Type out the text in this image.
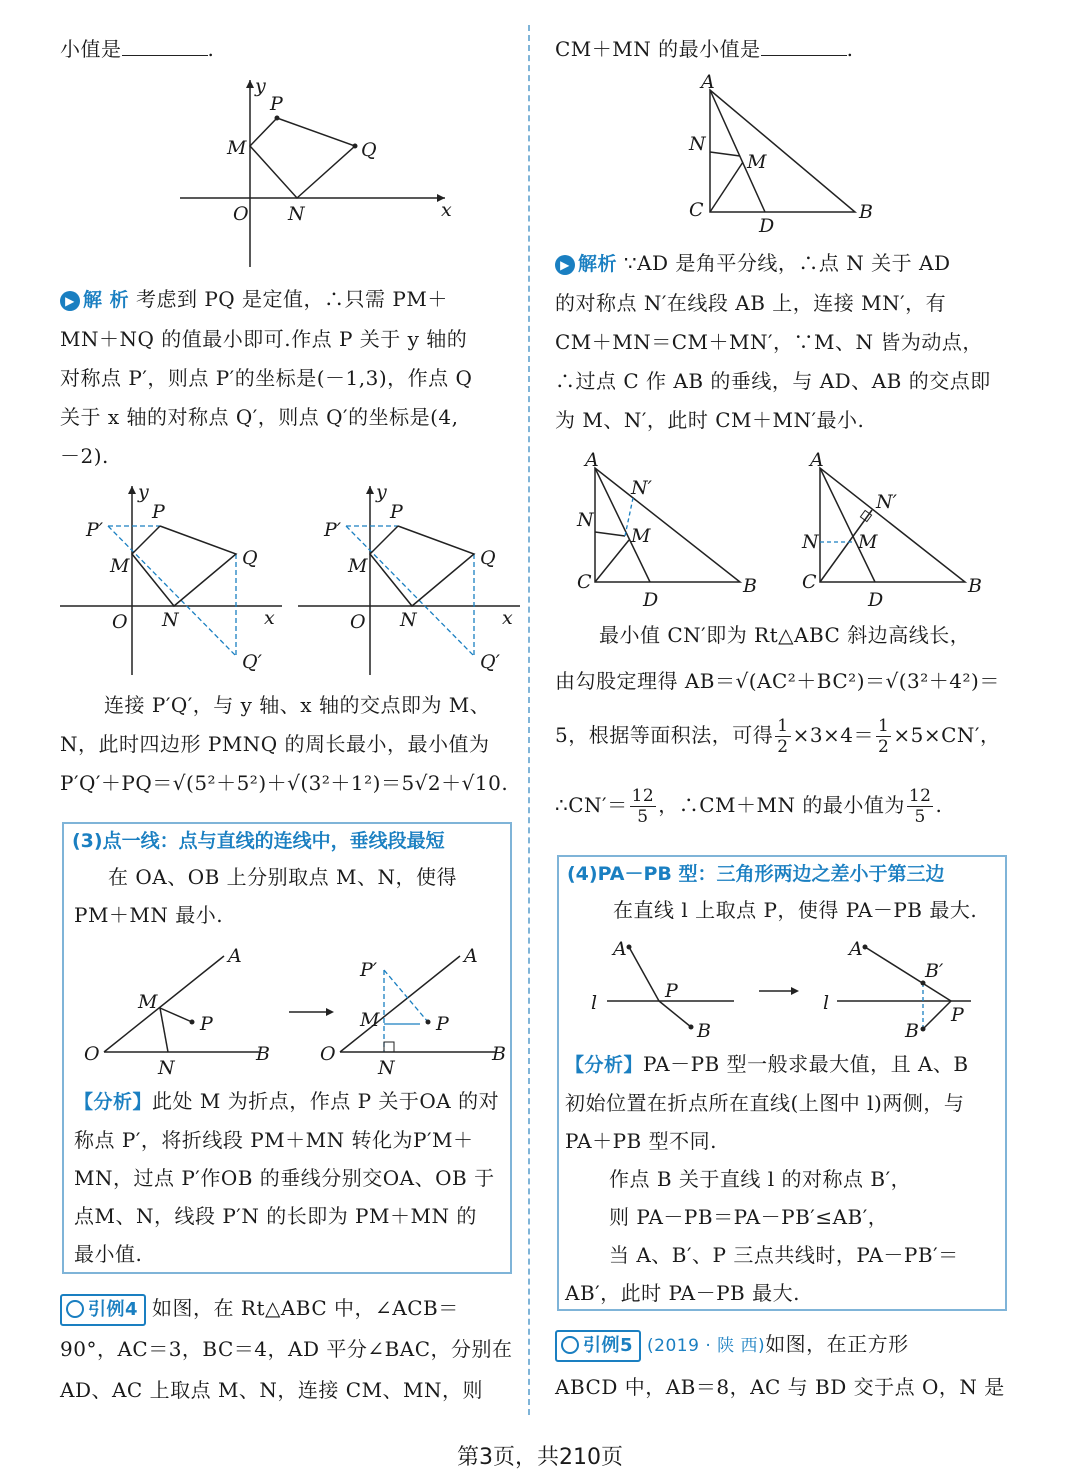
小值是	.
y
P
M	Q
O N	x
▶ 解 析 考虑到 PQ 是定值，∴只需 PM＋
MN＋NQ 的值最小即可.作点 P 关于 y 轴的
对称点 P′，则点 P′的坐标是(－1,3)，作点 Q
关于 x 轴的对称点 Q′，则点 Q′的坐标是(4,
－2).
y
P
P′
M	Q
O N	x
Q′
y
P
P′
M	Q
O N	x
Q′
连接 P′Q′，与 y 轴、x 轴的交点即为 M、
N，此时四边形 PMNQ 的周长最小，最小值为
P′Q′＋PQ＝√(5²＋5²)＋√(3²＋1²)＝5√2＋√10.
(3)点一线：点与直线的连线中，垂线段最短
在 OA、OB 上分别取点 M、N，使得
PM＋MN 最小.
O
A
M
P
N
B	O
A
P′
M	P
N
B
【分析】此处 M 为折点，作点 P 关于OA 的对
称点 P′，将折线段 PM＋MN 转化为P′M＋
MN，过点 P′作OB 的垂线分别交OA、OB 于
点M、N，线段 P′N 的长即为 PM＋MN 的
最小值.
引例4 如图，在 Rt△ABC 中，∠ACB＝
90°，AC＝3，BC＝4，AD 平分∠BAC，分别在
AD、AC 上取点 M、N，连接 CM、MN，则
CM＋MN 的最小值是	.
A
N
M
C
D
B
▶ 解析 ∵AD 是角平分线，∴点 N 关于 AD
的对称点 N′在线段 AB 上，连接 MN′，有
CM＋MN＝CM＋MN′，∵M、N 皆为动点，
∴过点 C 作 AB 的垂线，与 AD、AB 的交点即
为 M、N′，此时 CM＋MN′最小.
A
N′
N
M
C
D
B
A
N′
N M
C
D
B
最小值 CN′即为 Rt△ABC 斜边高线长，
由勾股定理得 AB＝√(AC²＋BC²)＝√(3²＋4²)＝
5，根据等面积法，可得 $\frac{1}{2} \times 3\times 4= \frac{1}{2} \times 5\times CN'$，
∴CN′＝ $\frac{12}{5}$ ，∴CM＋MN 的最小值为 $\frac{12}{5}$ .
(4)PA－PB 型：三角形两边之差小于第三边
在直线 l 上取点 P，使得 PA－PB 最大.
A
l
P
B
A
l
B′
P
B
【分析】PA－PB 型一般求最大值，且 A、B
初始位置在折点所在直线(上图中 l)两侧，与
PA＋PB 型不同.
作点 B 关于直线 l 的对称点 B′，
则 PA－PB＝PA－PB′≤AB′，
当 A、B′、P 三点共线时，PA－PB′＝
AB′，此时 PA－PB 最大.
引例5 (2019 · 陕 西)如图，在正方形
ABCD 中，AB＝8，AC 与 BD 交于点 O，N 是
第3页，共210页
